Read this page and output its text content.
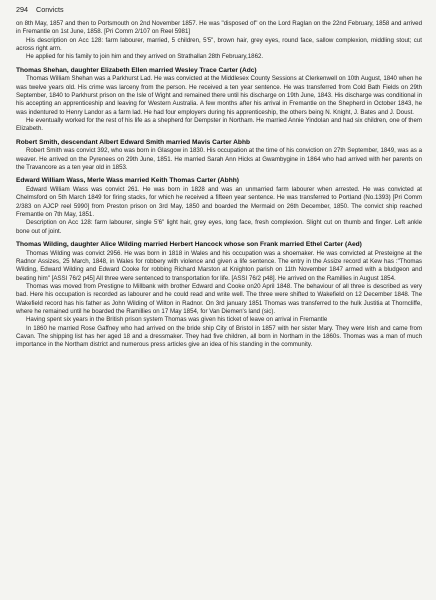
294 Convicts

on 8th May, 1857 and then to Portsmouth on 2nd November 1857. He was "disposed of" on the Lord Raglan on the 22nd February, 1858 and arrived in Fremantle on 1st June, 1858. [Pri Comm 2/107 on Reel 5981]

His description on Acc 128: farm labourer, married, 5 children, 5'5", brown hair, grey eyes, round face, sallow complexion, middling stout; cut across right arm.

He applied for his family to join him and they arrived on Strathallan 28th February,1862.

Thomas Shehan, daughter Elizabeth Ellen married Wesley Trace Carter (Adc)

Thomas William Shehan was a Parkhurst Lad. He was convicted at the Middlesex County Sessions at Clerkenwell on 10th August, 1840 when he was twelve years old. His crime was larceny from the person. He received a ten year sentence. He was transferred from Cold Bath Fields on 29th September, 1840 to Parkhurst prison on the Isle of Wight and remained there until his discharge on 19th June, 1843. His discharge was conditional in his accepting an apprenticeship and leaving for Western Australia. A few months after his arrival in Fremantle on the Shepherd in October 1843, he was indentured to Henry Landor as a farm lad. He had four employers during his apprenticeship, the others being N. Knight, J. Bates and J. Doust.

He eventually worked for the rest of his life as a shepherd for Dempster in Northam. He married Annie Yindolan and had six children, one of them Elizabeth.

Robert Smith, descendant Albert Edward Smith married Mavis Carter Abhb

Robert Smith was convict 392, who was born in Glasgow in 1830. His occupation at the time of his conviction on 27th September, 1849, was as a weaver. He arrived on the Pyrenees on 29th June, 1851. He married Sarah Ann Hicks at Gwambygine in 1864 who had arrived with her parents on the Travancore as a ten year old in 1853.

Edward William Wass, Merle Wass married Keith Thomas Carter (Abhh)

Edward William Wass was convict 261. He was born in 1828 and was an unmarried farm labourer when arrested. He was convicted at Chelmsford on 5th March 1849 for firing stacks, for which he received a fifteen year sentence. He was transferred to Portland (No.1393) [Pri Comm 2/383 on AJCP reel 5990] from Preston prison on 3rd May, 1850 and boarded the Mermaid on 26th December, 1850. The convict ship reached Fremantle on 7th May, 1851.

Description on Acc 128: farm labourer, single 5'6" light hair, grey eyes, long face, fresh complexion. Slight cut on thumb and finger. Left ankle bone out of joint.

Thomas Wilding, daughter Alice Wilding married Herbert Hancock whose son Frank married Ethel Carter (Aed)

Thomas Wilding was convict 2956. He was born in 1818 in Wales and his occupation was a shoemaker. He was convicted at Presteigne at the Radnor Assizes, 25 March, 1848, in Wales for robbery with violence and given a life sentence. The entry in the Assize record at Kew has :"Thomas Wilding, Edward Wilding and Edward Cooke for robbing Richard Marston at Knighton parish on 11th November 1847 armed with a bludgeon and beating him" [ASSI 76/2 p45] All three were sentenced to transportation for life. [ASSI 76/2 p48]. He arrived on the Ramillies in August 1854.

Thomas was moved from Prestigne to Millbank with brother Edward and Cooke on20 April 1848. The behaviour of all three is described as very bad. Here his occupation is recorded as labourer and he could read and write well. The three were shifted to Wakefield on 12 December 1848. The Wakefield record has his father as John Wilding of Wilton in Radnor. On 3rd january 1851 Thomas was transferred to the hulk Justitia at Thorncliffe, where he remained until he boarded the Ramillies on 17 May 1854, for Van Diemen's land (sic).

Having spent six years in the British prison system Thomas was given his ticket of leave on arrival in Fremantle

In 1860 he married Rose Gaffney who had arrived on the bride ship City of Bristol in 1857 with her sister Mary. They were Irish and came from Cavan. The shipping list has her aged 18 and a dressmaker. They had five children, all born in Northam in the 1860s. Thomas was a man of much importance in the Northam district and numerous press articles give an idea of his standing in the community.
